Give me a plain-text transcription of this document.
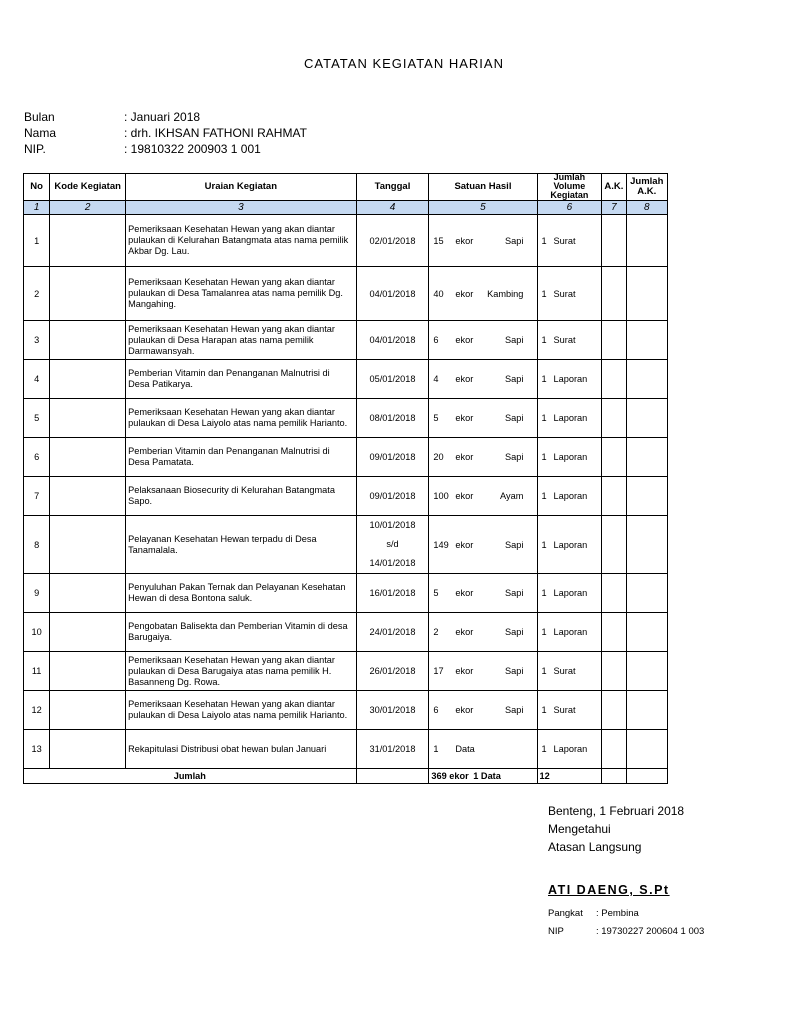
CATATAN KEGIATAN HARIAN
Bulan	: Januari 2018
Nama	: drh. IKHSAN FATHONI RAHMAT
NIP.	: 19810322 200903 1 001
No	Kode Kegiatan	Uraian Kegiatan	Tanggal	Satuan Hasil	Jumlah Volume Kegiatan	A.K.	Jumlah A.K.
1	2	3	4	5	6	7	8
1		Pemeriksaan Kesehatan Hewan yang akan diantar pulaukan di Kelurahan Batangmata atas nama pemilik Akbar Dg. Lau.	02/01/2018	15 ekor Sapi	1 Surat		
2		Pemeriksaan Kesehatan Hewan yang akan diantar pulaukan di Desa Tamalanrea atas nama pemilik Dg. Mangahing.	04/01/2018	40 ekor Kambing	1 Surat		
3		Pemeriksaan Kesehatan Hewan yang akan diantar pulaukan di Desa Harapan atas nama pemilik Darmawansyah.	04/01/2018	6 ekor Sapi	1 Surat		
4		Pemberian Vitamin dan Penanganan Malnutrisi di Desa Patikarya.	05/01/2018	4 ekor Sapi	1 Laporan		
5		Pemeriksaan Kesehatan Hewan yang akan diantar pulaukan di Desa Laiyolo atas nama pemilik Harianto.	08/01/2018	5 ekor Sapi	1 Laporan		
6		Pemberian Vitamin dan Penanganan Malnutrisi di Desa Pamatata.	09/01/2018	20 ekor Sapi	1 Laporan		
7		Pelaksanaan Biosecurity di Kelurahan Batangmata Sapo.	09/01/2018	100 ekor Ayam	1 Laporan		
8		Pelayanan Kesehatan Hewan terpadu di Desa Tanamalala.	10/01/2018
s/d
14/01/2018	149 ekor Sapi	1 Laporan		
9		Penyuluhan Pakan Ternak dan Pelayanan Kesehatan Hewan di desa Bontona saluk.	16/01/2018	5 ekor Sapi	1 Laporan		
10		Pengobatan Balisekta dan Pemberian Vitamin di desa Barugaiya.	24/01/2018	2 ekor Sapi	1 Laporan		
11		Pemeriksaan Kesehatan Hewan yang akan diantar pulaukan di Desa Barugaiya atas nama pemilik H. Basanneng Dg. Rowa.	26/01/2018	17 ekor Sapi	1 Surat		
12		Pemeriksaan Kesehatan Hewan yang akan diantar pulaukan di Desa Laiyolo atas nama pemilik Harianto.	30/01/2018	6 ekor Sapi	1 Surat		
13		Rekapitulasi Distribusi obat hewan bulan Januari	31/01/2018	1 Data	1 Laporan		
Jumlah				369 ekor 1 Data	12		
Benteng, 1 Februari 2018
Mengetahui
Atasan Langsung
ATI DAENG, S.Pt
Pangkat : Pembina
NIP	: 19730227 200604 1 003
